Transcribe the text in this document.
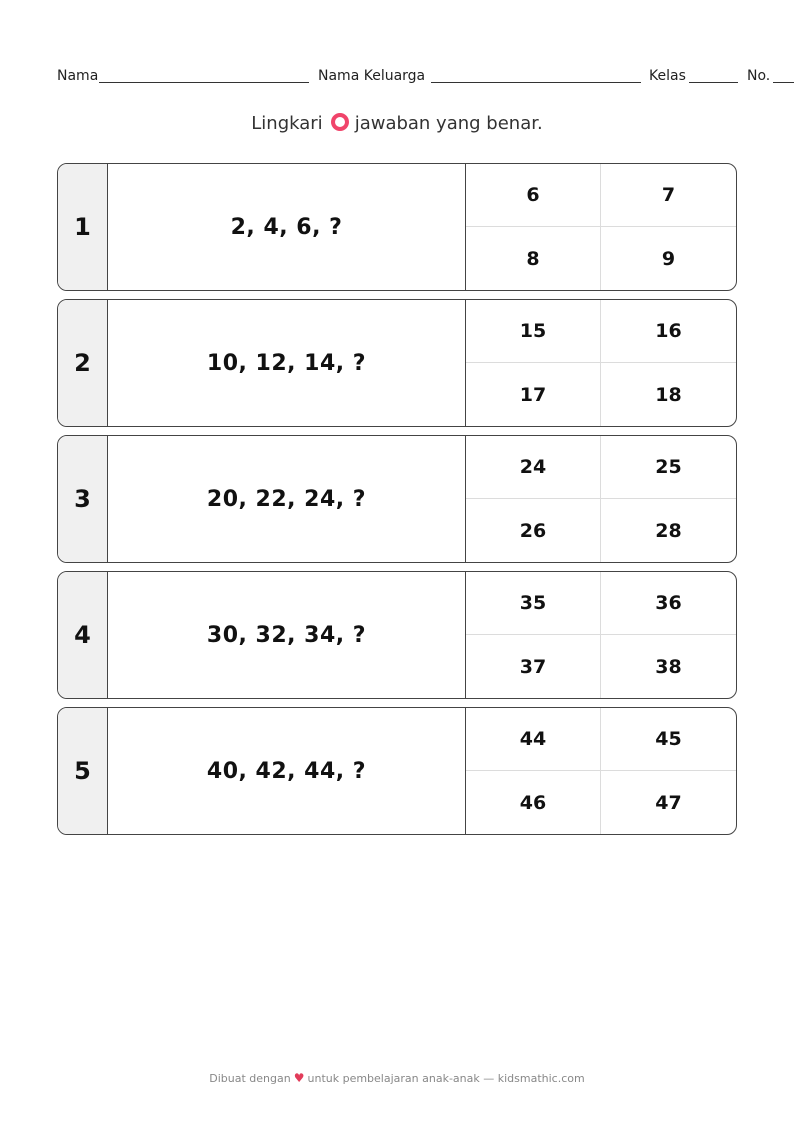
Nama	Nama Keluarga	Kelas	No.
Lingkari jawaban yang benar.
1	2, 4, 6, ?
6	7
8	9
2	10, 12, 14, ?
15	16
17	18
3	20, 22, 24, ?
24	25
26	28
4	30, 32, 34, ?
35	36
37	38
5	40, 42, 44, ?
44	45
46	47
Dibuat dengan ♥ untuk pembelajaran anak-anak — kidsmathic.com
